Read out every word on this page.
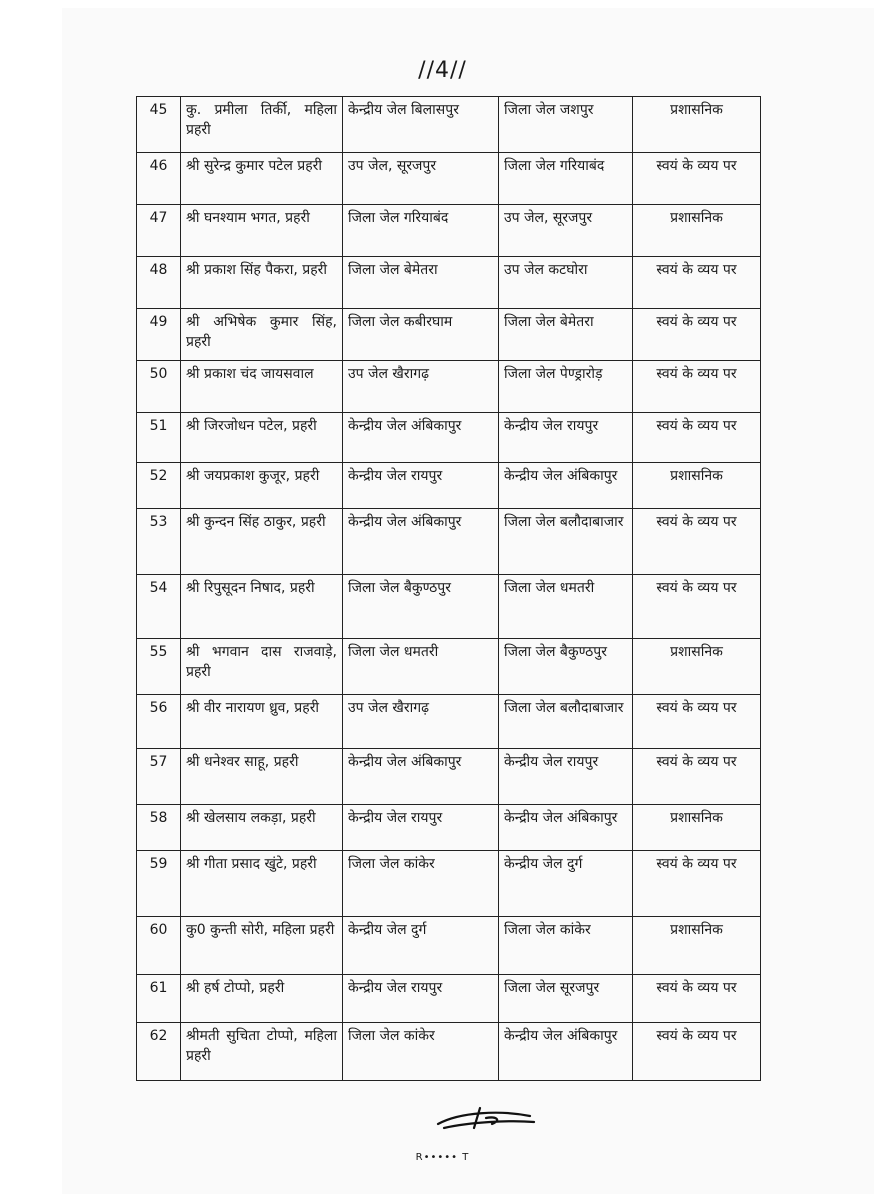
//4//
45	कु. प्रमीला तिर्की, महिला प्रहरी	केन्द्रीय जेल बिलासपुर	जिला जेल जशपुर	प्रशासनिक
46	श्री सुरेन्द्र कुमार पटेल प्रहरी	उप जेल, सूरजपुर	जिला जेल गरियाबंद	स्वयं के व्यय पर
47	श्री घनश्याम भगत, प्रहरी	जिला जेल गरियाबंद	उप जेल, सूरजपुर	प्रशासनिक
48	श्री प्रकाश सिंह पैकरा, प्रहरी	जिला जेल बेमेतरा	उप जेल कटघोरा	स्वयं के व्यय पर
49	श्री अभिषेक कुमार सिंह, प्रहरी	जिला जेल कबीरघाम	जिला जेल बेमेतरा	स्वयं के व्यय पर
50	श्री प्रकाश चंद जायसवाल	उप जेल खैरागढ़	जिला जेल पेण्ड्रारोड़	स्वयं के व्यय पर
51	श्री जिरजोधन पटेल, प्रहरी	केन्द्रीय जेल अंबिकापुर	केन्द्रीय जेल रायपुर	स्वयं के व्यय पर
52	श्री जयप्रकाश कुजूर, प्रहरी	केन्द्रीय जेल रायपुर	केन्द्रीय जेल अंबिकापुर	प्रशासनिक
53	श्री कुन्दन सिंह ठाकुर, प्रहरी	केन्द्रीय जेल अंबिकापुर	जिला जेल बलौदाबाजार	स्वयं के व्यय पर
54	श्री रिपुसूदन निषाद, प्रहरी	जिला जेल बैकुण्ठपुर	जिला जेल धमतरी	स्वयं के व्यय पर
55	श्री भगवान दास राजवाड़े, प्रहरी	जिला जेल धमतरी	जिला जेल बैकुण्ठपुर	प्रशासनिक
56	श्री वीर नारायण ध्रुव, प्रहरी	उप जेल खैरागढ़	जिला जेल बलौदाबाजार	स्वयं के व्यय पर
57	श्री धनेश्वर साहू, प्रहरी	केन्द्रीय जेल अंबिकापुर	केन्द्रीय जेल रायपुर	स्वयं के व्यय पर
58	श्री खेलसाय लकड़ा, प्रहरी	केन्द्रीय जेल रायपुर	केन्द्रीय जेल अंबिकापुर	प्रशासनिक
59	श्री गीता प्रसाद खुंटे, प्रहरी	जिला जेल कांकेर	केन्द्रीय जेल दुर्ग	स्वयं के व्यय पर
60	कु0 कुन्ती सोरी, महिला प्रहरी	केन्द्रीय जेल दुर्ग	जिला जेल कांकेर	प्रशासनिक
61	श्री हर्ष टोप्पो, प्रहरी	केन्द्रीय जेल रायपुर	जिला जेल सूरजपुर	स्वयं के व्यय पर
62	श्रीमती सुचिता टोप्पो, महिला प्रहरी	जिला जेल कांकेर	केन्द्रीय जेल अंबिकापुर	स्वयं के व्यय पर
R••••• T
